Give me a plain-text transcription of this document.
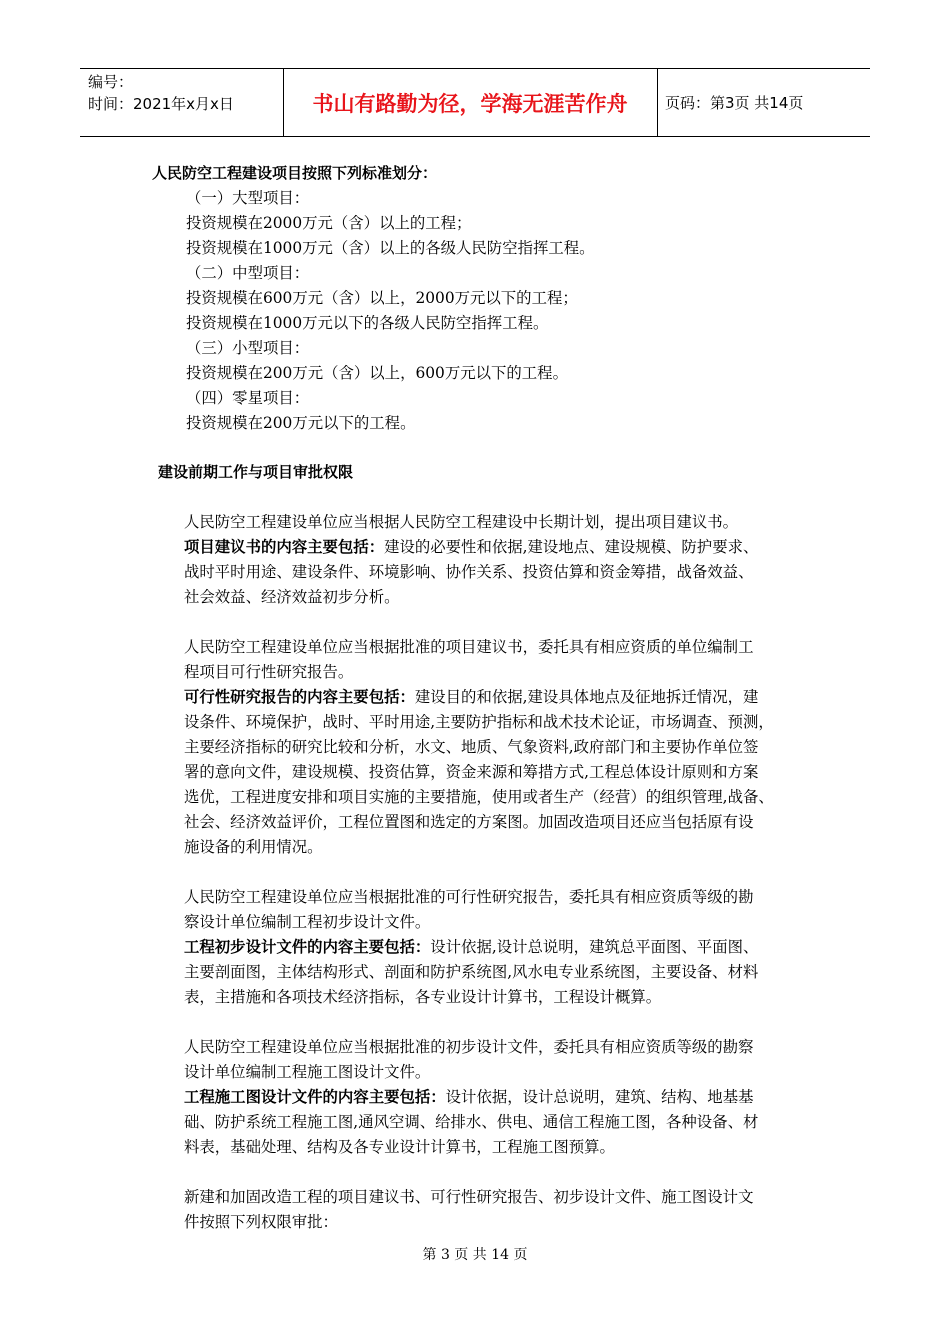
编号：
时间：2021年x月x日	书山有路勤为径，学海无涯苦作舟	页码：第3页 共14页
人民防空工程建设项目按照下列标准划分：
（一）大型项目：
投资规模在2000万元（含）以上的工程；
投资规模在1000万元（含）以上的各级人民防空指挥工程。
（二）中型项目：
投资规模在600万元（含）以上，2000万元以下的工程；
投资规模在1000万元以下的各级人民防空指挥工程。
（三）小型项目：
投资规模在200万元（含）以上，600万元以下的工程。
（四）零星项目：
投资规模在200万元以下的工程。
建设前期工作与项目审批权限
人民防空工程建设单位应当根据人民防空工程建设中长期计划，提出项目建议书。
项目建议书的内容主要包括：建设的必要性和依据,建设地点、建设规模、防护要求、
战时平时用途、建设条件、环境影响、协作关系、投资估算和资金筹措，战备效益、
社会效益、经济效益初步分析。
人民防空工程建设单位应当根据批准的项目建议书，委托具有相应资质的单位编制工
程项目可行性研究报告。
可行性研究报告的内容主要包括：建设目的和依据,建设具体地点及征地拆迁情况，建
设条件、环境保护，战时、平时用途,主要防护指标和战术技术论证，市场调查、预测，
主要经济指标的研究比较和分析，水文、地质、气象资料,政府部门和主要协作单位签
署的意向文件，建设规模、投资估算，资金来源和筹措方式,工程总体设计原则和方案
选优，工程进度安排和项目实施的主要措施，使用或者生产（经营）的组织管理,战备、
社会、经济效益评价，工程位置图和选定的方案图。加固改造项目还应当包括原有设
施设备的利用情况。
人民防空工程建设单位应当根据批准的可行性研究报告，委托具有相应资质等级的勘
察设计单位编制工程初步设计文件。
工程初步设计文件的内容主要包括：设计依据,设计总说明，建筑总平面图、平面图、
主要剖面图，主体结构形式、剖面和防护系统图,风水电专业系统图，主要设备、材料
表，主措施和各项技术经济指标，各专业设计计算书，工程设计概算。
人民防空工程建设单位应当根据批准的初步设计文件，委托具有相应资质等级的勘察
设计单位编制工程施工图设计文件。
工程施工图设计文件的内容主要包括：设计依据，设计总说明，建筑、结构、地基基
础、防护系统工程施工图,通风空调、给排水、供电、通信工程施工图，各种设备、材
料表，基础处理、结构及各专业设计计算书，工程施工图预算。
新建和加固改造工程的项目建议书、可行性研究报告、初步设计文件、施工图设计文
件按照下列权限审批：
第 3 页 共 14 页
